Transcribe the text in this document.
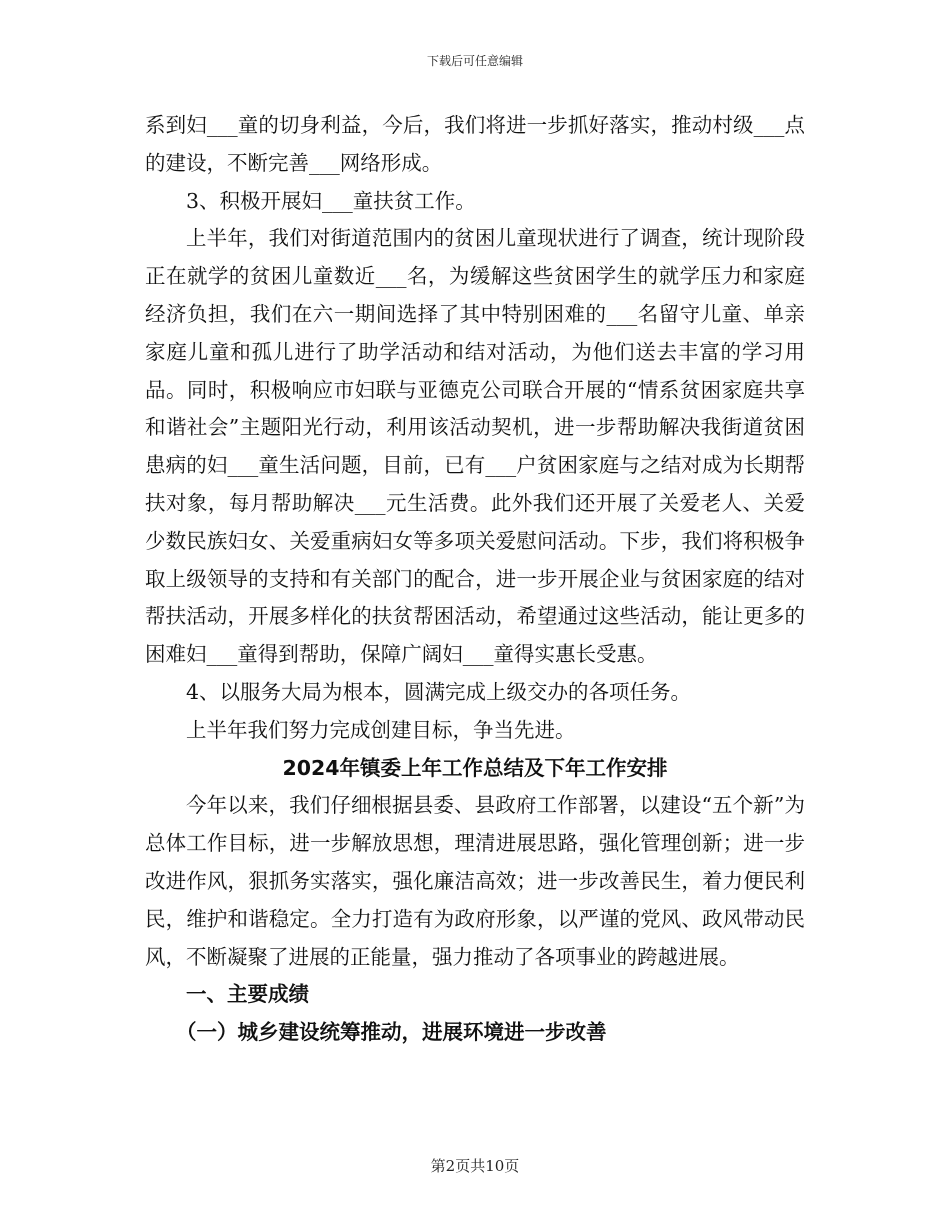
下载后可任意编辑

系到妇___童的切身利益，今后，我们将进一步抓好落实，推动村级___点的建设，不断完善___网络形成。

3、积极开展妇___童扶贫工作。

上半年，我们对街道范围内的贫困儿童现状进行了调查，统计现阶段正在就学的贫困儿童数近___名，为缓解这些贫困学生的就学压力和家庭经济负担，我们在六一期间选择了其中特别困难的___名留守儿童、单亲家庭儿童和孤儿进行了助学活动和结对活动，为他们送去丰富的学习用品。同时，积极响应市妇联与亚德克公司联合开展的“情系贫困家庭共享和谐社会”主题阳光行动，利用该活动契机，进一步帮助解决我街道贫困患病的妇___童生活问题，目前，已有___户贫困家庭与之结对成为长期帮扶对象，每月帮助解决___元生活费。此外我们还开展了关爱老人、关爱少数民族妇女、关爱重病妇女等多项关爱慰问活动。下步，我们将积极争取上级领导的支持和有关部门的配合，进一步开展企业与贫困家庭的结对帮扶活动，开展多样化的扶贫帮困活动，希望通过这些活动，能让更多的困难妇___童得到帮助，保障广阔妇___童得实惠长受惠。

4、以服务大局为根本，圆满完成上级交办的各项任务。

上半年我们努力完成创建目标，争当先进。

2024年镇委上年工作总结及下年工作安排

今年以来，我们仔细根据县委、县政府工作部署，以建设“五个新”为总体工作目标，进一步解放思想，理清进展思路，强化管理创新；进一步改进作风，狠抓务实落实，强化廉洁高效；进一步改善民生，着力便民利民，维护和谐稳定。全力打造有为政府形象，以严谨的党风、政风带动民风，不断凝聚了进展的正能量，强力推动了各项事业的跨越进展。

一、主要成绩

（一）城乡建设统筹推动，进展环境进一步改善

第2页共10页
